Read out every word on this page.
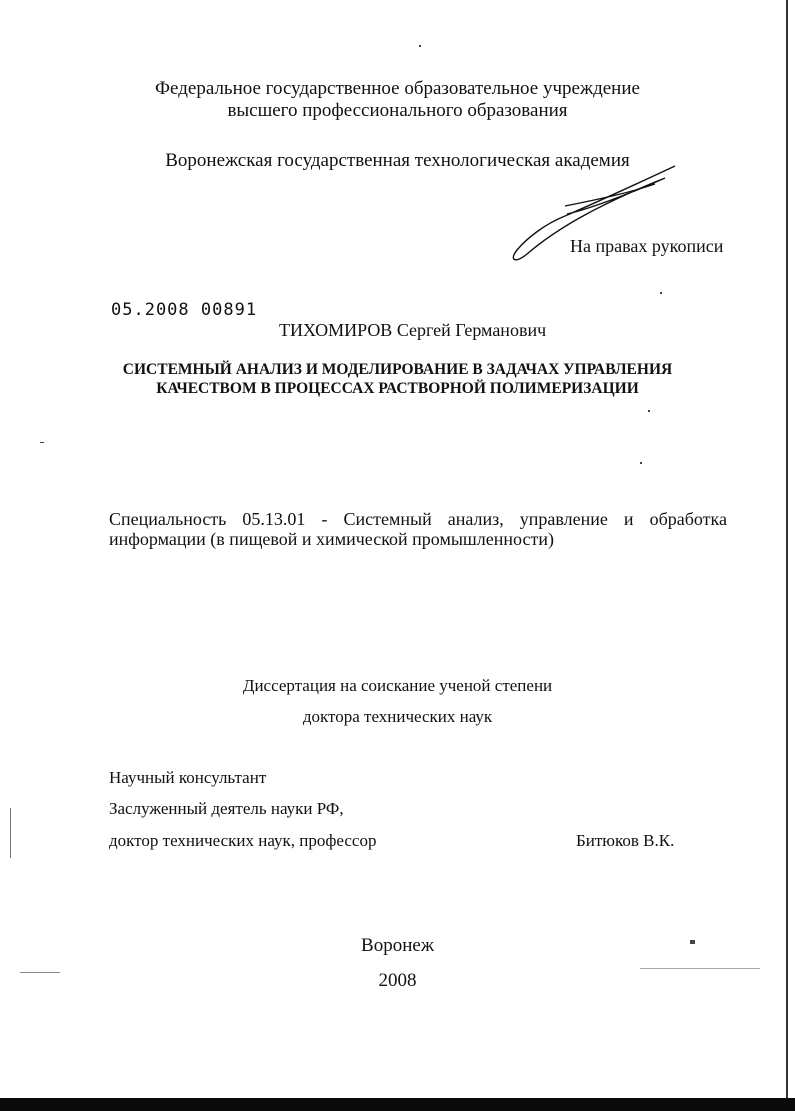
Федеральное государственное образовательное учреждение
высшего профессионального образования
Воронежская государственная технологическая академия
На правах рукописи
05.2008 00891
ТИХОМИРОВ Сергей Германович
СИСТЕМНЫЙ АНАЛИЗ И МОДЕЛИРОВАНИЕ В ЗАДАЧАХ УПРАВЛЕНИЯ
КАЧЕСТВОМ В ПРОЦЕССАХ РАСТВОРНОЙ ПОЛИМЕРИЗАЦИИ
Специальность 05.13.01 - Системный анализ, управление и обработка
информации (в пищевой и химической промышленности)
Диссертация на соискание ученой степени
доктора технических наук
Научный консультант
Заслуженный деятель науки РФ,
доктор технических наук, профессор	Битюков В.К.
Воронеж
2008
